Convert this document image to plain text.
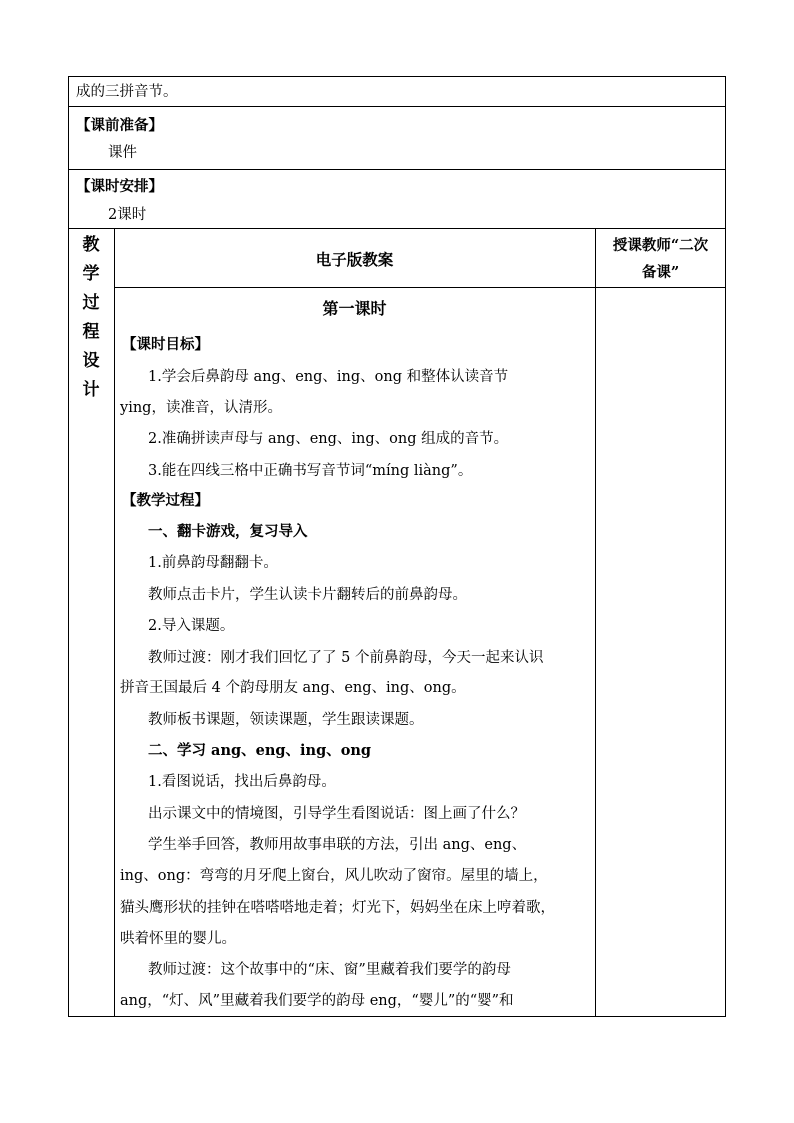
成的三拼音节。
【课前准备】
课件
【课时安排】
2课时
教
学
过
程
设
计
电子版教案
授课教师“二次
备课”
第一课时
【课时目标】
1.学会后鼻韵母 ang、eng、ing、ong 和整体认读音节
ying，读准音，认清形。
2.准确拼读声母与 ang、eng、ing、ong 组成的音节。
3.能在四线三格中正确书写音节词“míng liàng”。
【教学过程】
一、翻卡游戏，复习导入
1.前鼻韵母翻翻卡。
教师点击卡片，学生认读卡片翻转后的前鼻韵母。
2.导入课题。
教师过渡：刚才我们回忆了了 5 个前鼻韵母，今天一起来认识
拼音王国最后 4 个韵母朋友 ang、eng、ing、ong。
教师板书课题，领读课题，学生跟读课题。
二、学习 ang、eng、ing、ong
1.看图说话，找出后鼻韵母。
出示课文中的情境图，引导学生看图说话：图上画了什么？
学生举手回答，教师用故事串联的方法，引出 ang、eng、
ing、ong：弯弯的月牙爬上窗台，风儿吹动了窗帘。屋里的墙上，
猫头鹰形状的挂钟在嗒嗒嗒地走着；灯光下，妈妈坐在床上哼着歌，
哄着怀里的婴儿。
教师过渡：这个故事中的“床、窗”里藏着我们要学的韵母
ang，“灯、风”里藏着我们要学的韵母 eng，“婴儿”的“婴”和
